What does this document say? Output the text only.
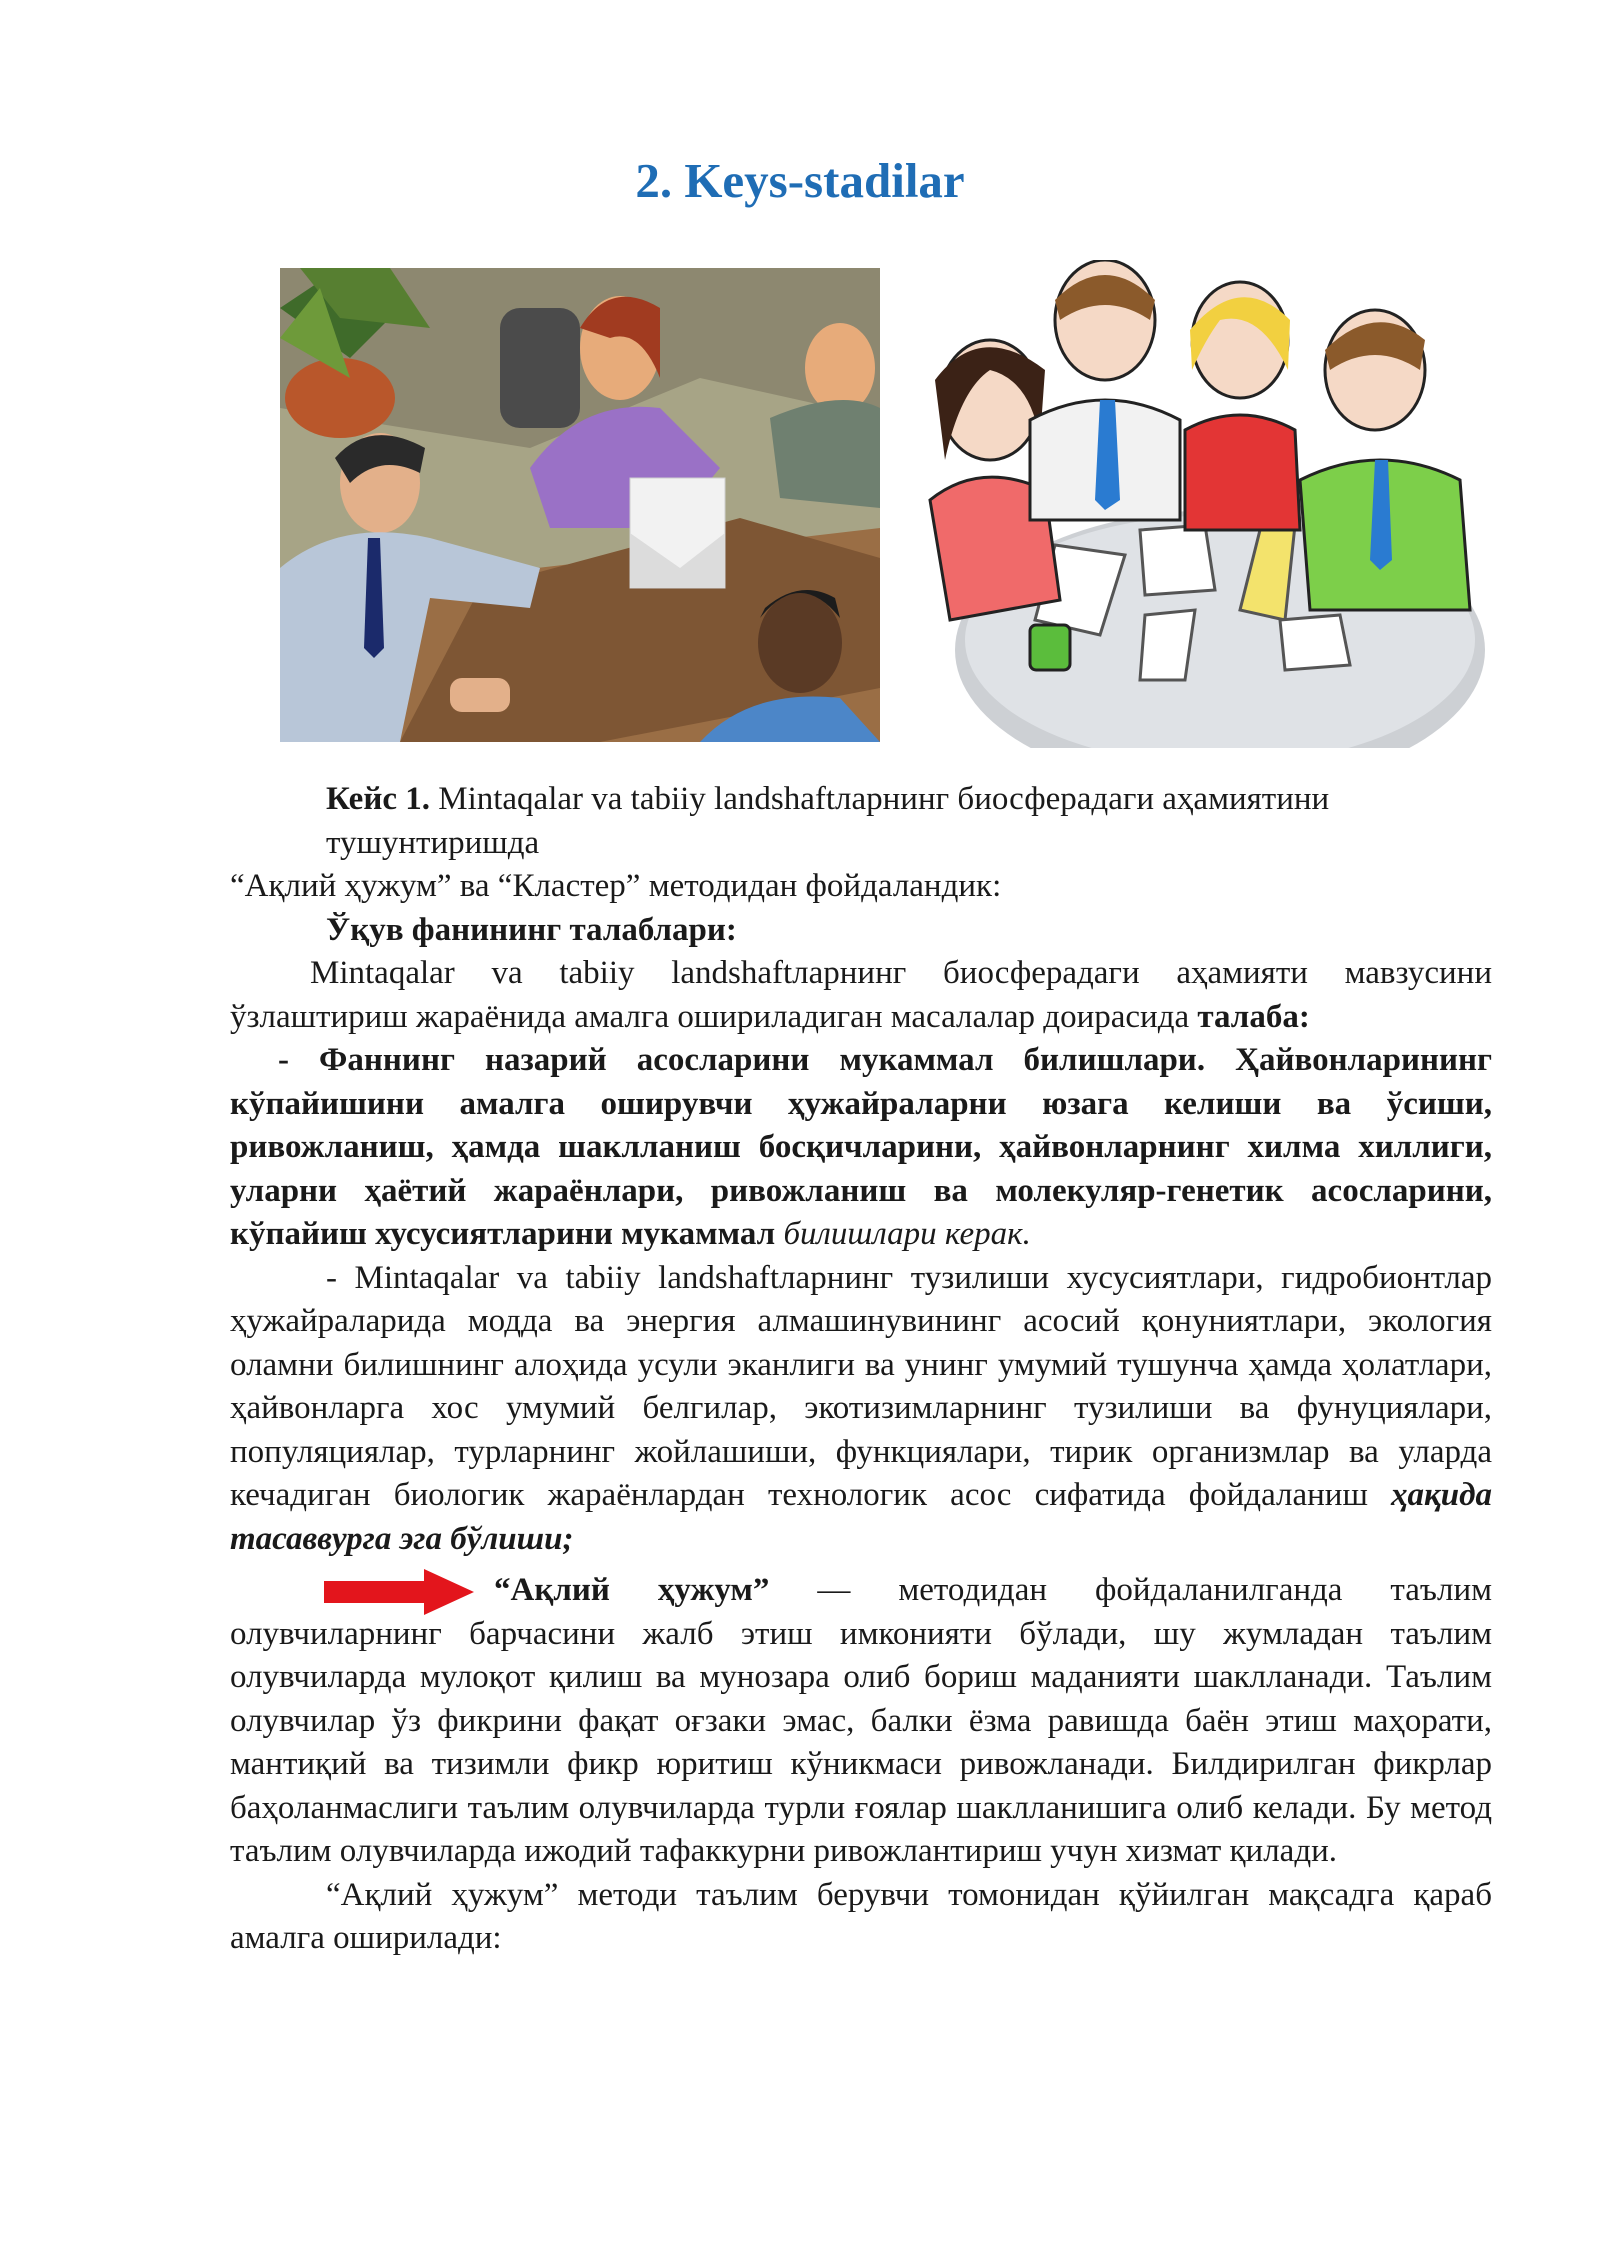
2. Keys-stadilar

Кейс 1. Mintaqalar va tabiiy landshaftларнинг биосферадаги аҳамиятини
тушунтиришда

“Ақлий ҳужум” ва “Кластер” методидан фойдаландик:

Ўқув фанининг талаблари:

Mintaqalar va tabiiy landshaftларнинг биосферадаги аҳамияти мавзусини ўзлаштириш жараёнида амалга ошириладиган масалалар доирасида талаба:

- Фаннинг назарий асосларини мукаммал билишлари. Ҳайвонларининг кўпайишини амалга оширувчи ҳужайраларни юзага келиши ва ўсиши, ривожланиш, ҳамда шаклланиш босқичларини, ҳайвонларнинг хилма хиллиги, уларни ҳаётий жараёнлари, ривожланиш ва молекуляр-генетик асосларини, кўпайиш хусусиятларини мукаммал билишлари керак.

- Mintaqalar va tabiiy landshaftларнинг тузилиши хусусиятлари, гидробионтлар ҳужайраларида модда ва энергия алмашинувининг асосий қонуниятлари, экология оламни билишнинг алоҳида усули эканлиги ва унинг умумий тушунча ҳамда ҳолатлари, ҳайвонларга хос умумий белгилар, экотизимларнинг тузилиши ва фунуциялари, популяциялар, турларнинг жойлашиши, функциялари, тирик организмлар ва уларда кечадиган биологик жараёнлардан технологик асос сифатида фойдаланиш ҳақида тасаввурга эга бўлиши;

“Ақлий ҳужум” — методидан фойдаланилганда таълим олувчиларнинг барчасини жалб этиш имконияти бўлади, шу жумладан таълим олувчиларда мулоқот қилиш ва мунозара олиб бориш маданияти шаклланади. Таълим олувчилар ўз фикрини фақат оғзаки эмас, балки ёзма равишда баён этиш маҳорати, мантиқий ва тизимли фикр юритиш кўникмаси ривожланади. Билдирилган фикрлар баҳоланмаслиги таълим олувчиларда турли ғоялар шаклланишига олиб келади. Бу метод таълим олувчиларда ижодий тафаккурни ривожлантириш учун хизмат қилади.

“Ақлий ҳужум” методи таълим берувчи томонидан қўйилган мақсадга қараб амалга оширилади:
